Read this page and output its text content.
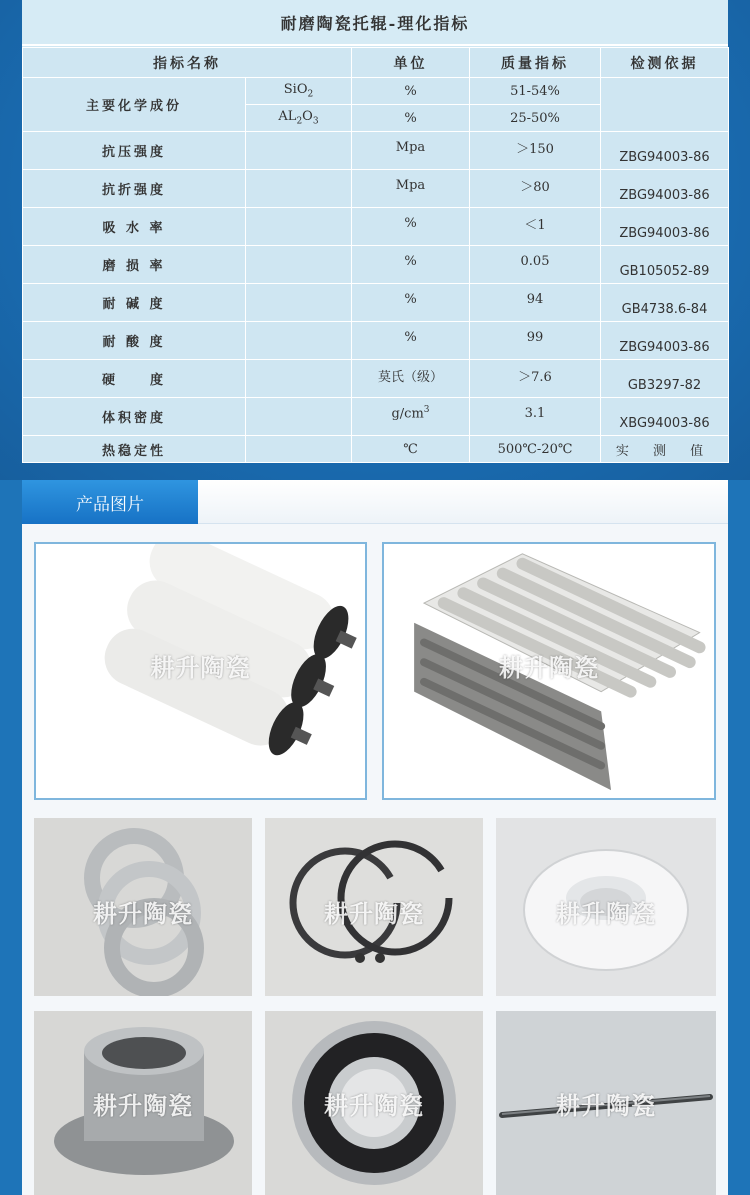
耐磨陶瓷托辊-理化指标
指标名称		单位	质量指标	检测依据
主要化学成份	SiO$_2$	%	51-54%	
	$AL_2O_3$	%	25-50%	
抗压强度		Mpa	＞150	ZBG94003-86
抗折强度		Mpa	＞80	ZBG94003-86
吸 水 率		%	＜1	ZBG94003-86
磨 损 率		%	0.05	GB105052-89
耐 碱 度		%	94	GB4738.6-84
耐 酸 度		%	99	ZBG94003-86
硬　　度		莫氏（级）	＞7.6	GB3297-82
体积密度		$g/cm^3$	3.1	XBG94003-86
热稳定性		℃	500℃-20℃	实 测 值
产品图片
耕升陶瓷	耕升陶瓷
耕升陶瓷	耕升陶瓷	耕升陶瓷
耕升陶瓷	耕升陶瓷	耕升陶瓷
